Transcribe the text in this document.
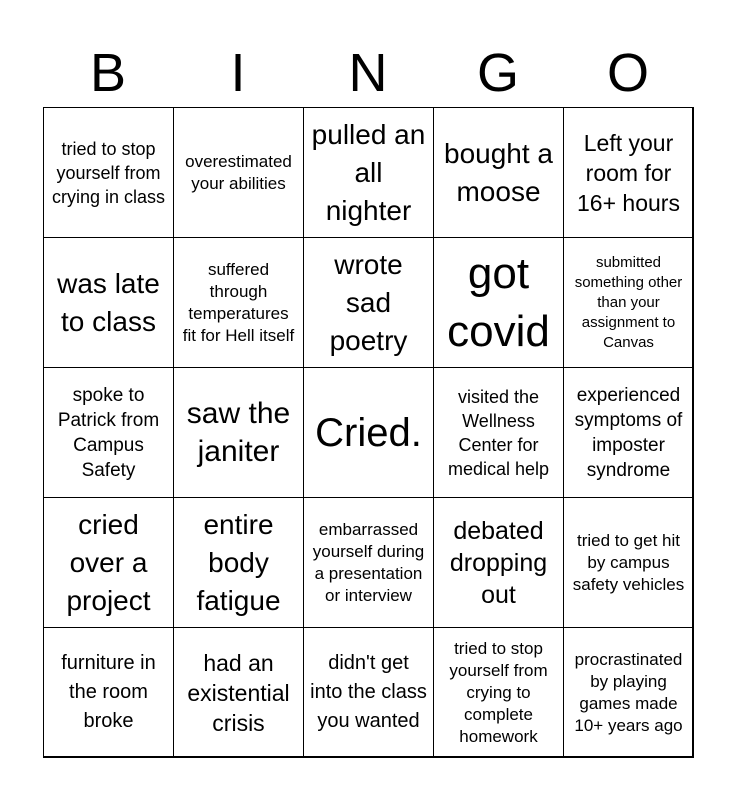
B	I	N	G	O
tried to stop yourself from crying in class
overestimated your abilities
pulled an all nighter
bought a moose
Left your room for 16+ hours
was late to class
suffered through temperatures fit for Hell itself
wrote sad poetry
got covid
submitted something other than your assignment to Canvas
spoke to Patrick from Campus Safety
saw the janiter Cried.
visited the Wellness Center for medical help
experienced symptoms of imposter syndrome
cried over a project
entire body fatigue
embarrassed yourself during a presentation or interview
debated dropping out
tried to get hit by campus safety vehicles
furniture in the room broke
had an existential crisis
didn't get into the class you wanted
tried to stop yourself from crying to complete homework
procrastinated by playing games made 10+ years ago
